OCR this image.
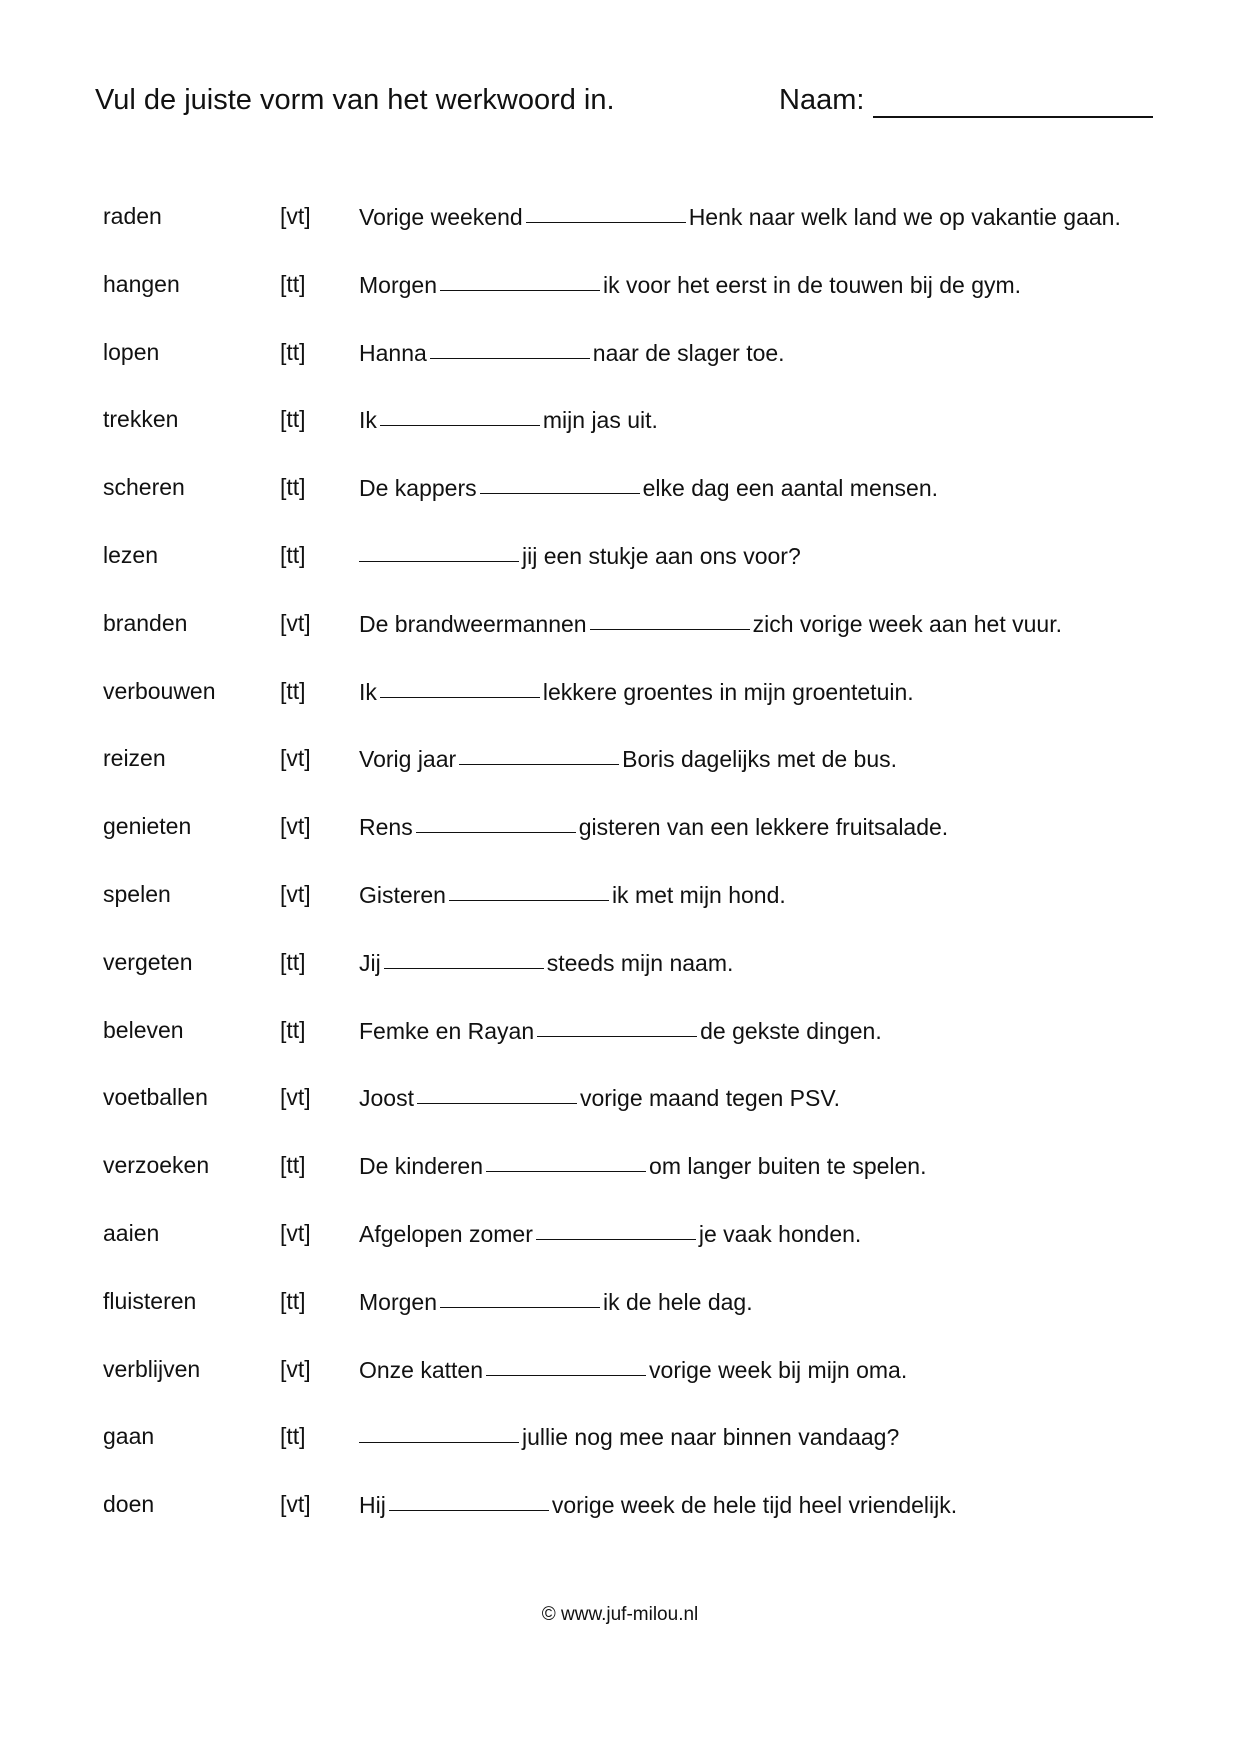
Vul de juiste vorm van het werkwoord in.	Naam:
raden	[vt] Vorige weekend	Henk naar welk land we op vakantie gaan.
hangen	[tt] Morgen	ik voor het eerst in de touwen bij de gym.
lopen	[tt] Hanna	naar de slager toe.
trekken	[tt] Ik	mijn jas uit.
scheren	[tt] De kappers	elke dag een aantal mensen.
lezen	[tt]	jij een stukje aan ons voor?
branden	[vt] De brandweermannen	zich vorige week aan het vuur.
verbouwen	[tt] Ik	lekkere groentes in mijn groentetuin.
reizen	[vt] Vorig jaar	Boris dagelijks met de bus.
genieten	[vt] Rens	gisteren van een lekkere fruitsalade.
spelen	[vt] Gisteren	ik met mijn hond.
vergeten	[tt] Jij	steeds mijn naam.
beleven	[tt] Femke en Rayan	de gekste dingen.
voetballen	[vt] Joost	vorige maand tegen PSV.
verzoeken	[tt] De kinderen	om langer buiten te spelen.
aaien	[vt] Afgelopen zomer	je vaak honden.
fluisteren	[tt] Morgen	ik de hele dag.
verblijven	[vt] Onze katten	vorige week bij mijn oma.
gaan	[tt]	jullie nog mee naar binnen vandaag?
doen	[vt] Hij	vorige week de hele tijd heel vriendelijk.
© www.juf-milou.nl
